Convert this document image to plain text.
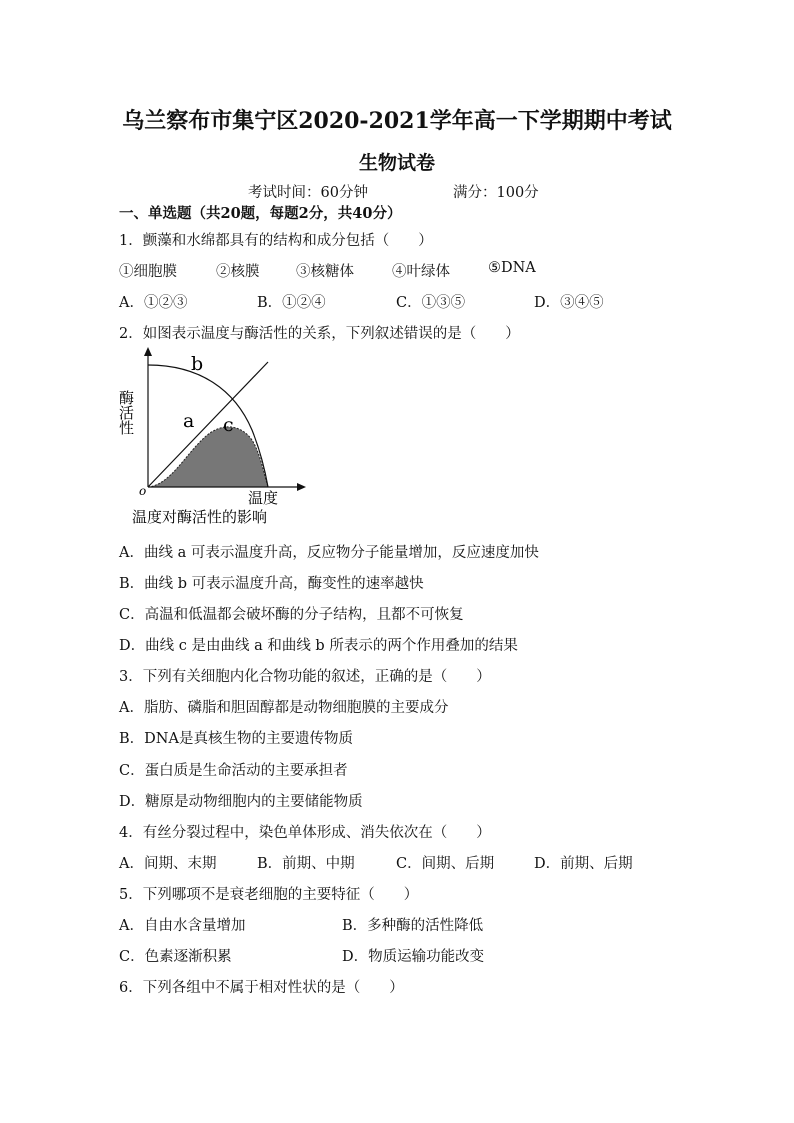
乌兰察布市集宁区2020-2021学年高一下学期期中考试
生物试卷
考试时间：60分钟	满分：100分
一、单选题（共20题，每题2分，共40分）
1．颤藻和水绵都具有的结构和成分包括（　　）
①细胞膜	②核膜	③核糖体	④叶绿体	⑤DNA
A．①②③	B．①②④	C．①③⑤	D．③④⑤
2．如图表示温度与酶活性的关系，下列叙述错误的是（　　）
o
酶活性
温度
a
b
c
温度对酶活性的影响
A．曲线 a 可表示温度升高，反应物分子能量增加，反应速度加快
B．曲线 b 可表示温度升高，酶变性的速率越快
C．高温和低温都会破坏酶的分子结构，且都不可恢复
D．曲线 c 是由曲线 a 和曲线 b 所表示的两个作用叠加的结果
3．下列有关细胞内化合物功能的叙述，正确的是（　　）
A．脂肪、磷脂和胆固醇都是动物细胞膜的主要成分
B．DNA是真核生物的主要遗传物质
C．蛋白质是生命活动的主要承担者
D．糖原是动物细胞内的主要储能物质
4．有丝分裂过程中，染色单体形成、消失依次在（　　）
A．间期、末期	B．前期、中期	C．间期、后期	D．前期、后期
5．下列哪项不是衰老细胞的主要特征（　　）
A．自由水含量增加	B．多种酶的活性降低
C．色素逐渐积累	D．物质运输功能改变
6．下列各组中不属于相对性状的是（　　）
